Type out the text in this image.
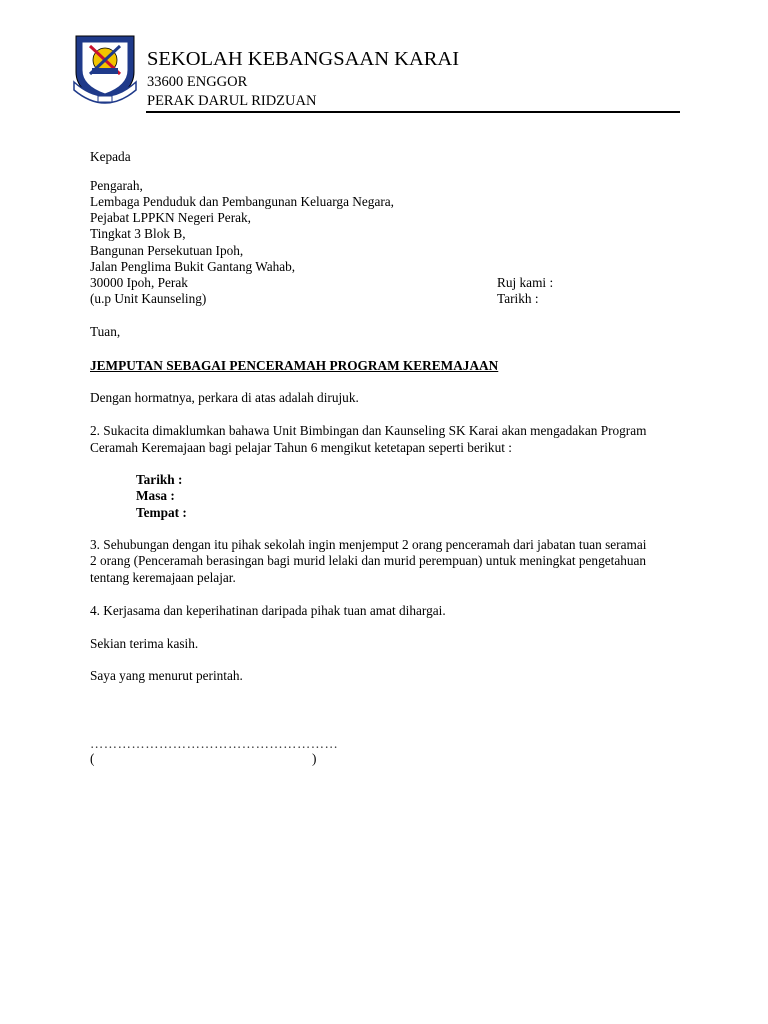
SEKOLAH KEBANGSAAN KARAI
33600 ENGGOR
PERAK DARUL RIDZUAN
Kepada
Pengarah,
Lembaga Penduduk dan Pembangunan Keluarga Negara,
Pejabat LPPKN Negeri Perak,
Tingkat 3 Blok B,
Bangunan Persekutuan Ipoh,
Jalan Penglima Bukit Gantang Wahab,
30000 Ipoh, Perak
(u.p Unit Kaunseling)
Ruj kami :
Tarikh :
Tuan,
JEMPUTAN SEBAGAI PENCERAMAH PROGRAM KEREMAJAAN
Dengan hormatnya, perkara di atas adalah dirujuk.
2. Sukacita dimaklumkan bahawa Unit Bimbingan dan Kaunseling SK Karai akan mengadakan Program
Ceramah Keremajaan bagi pelajar Tahun 6 mengikut ketetapan seperti berikut :
Tarikh :
Masa :
Tempat :
3. Sehubungan dengan itu pihak sekolah ingin menjemput 2 orang penceramah dari jabatan tuan seramai
2 orang (Penceramah berasingan bagi murid lelaki dan murid perempuan) untuk meningkat pengetahuan
tentang keremajaan pelajar.
4. Kerjasama dan keperihatinan daripada pihak tuan amat dihargai.
Sekian terima kasih.
Saya yang menurut perintah.
………………………………………………
(	)
